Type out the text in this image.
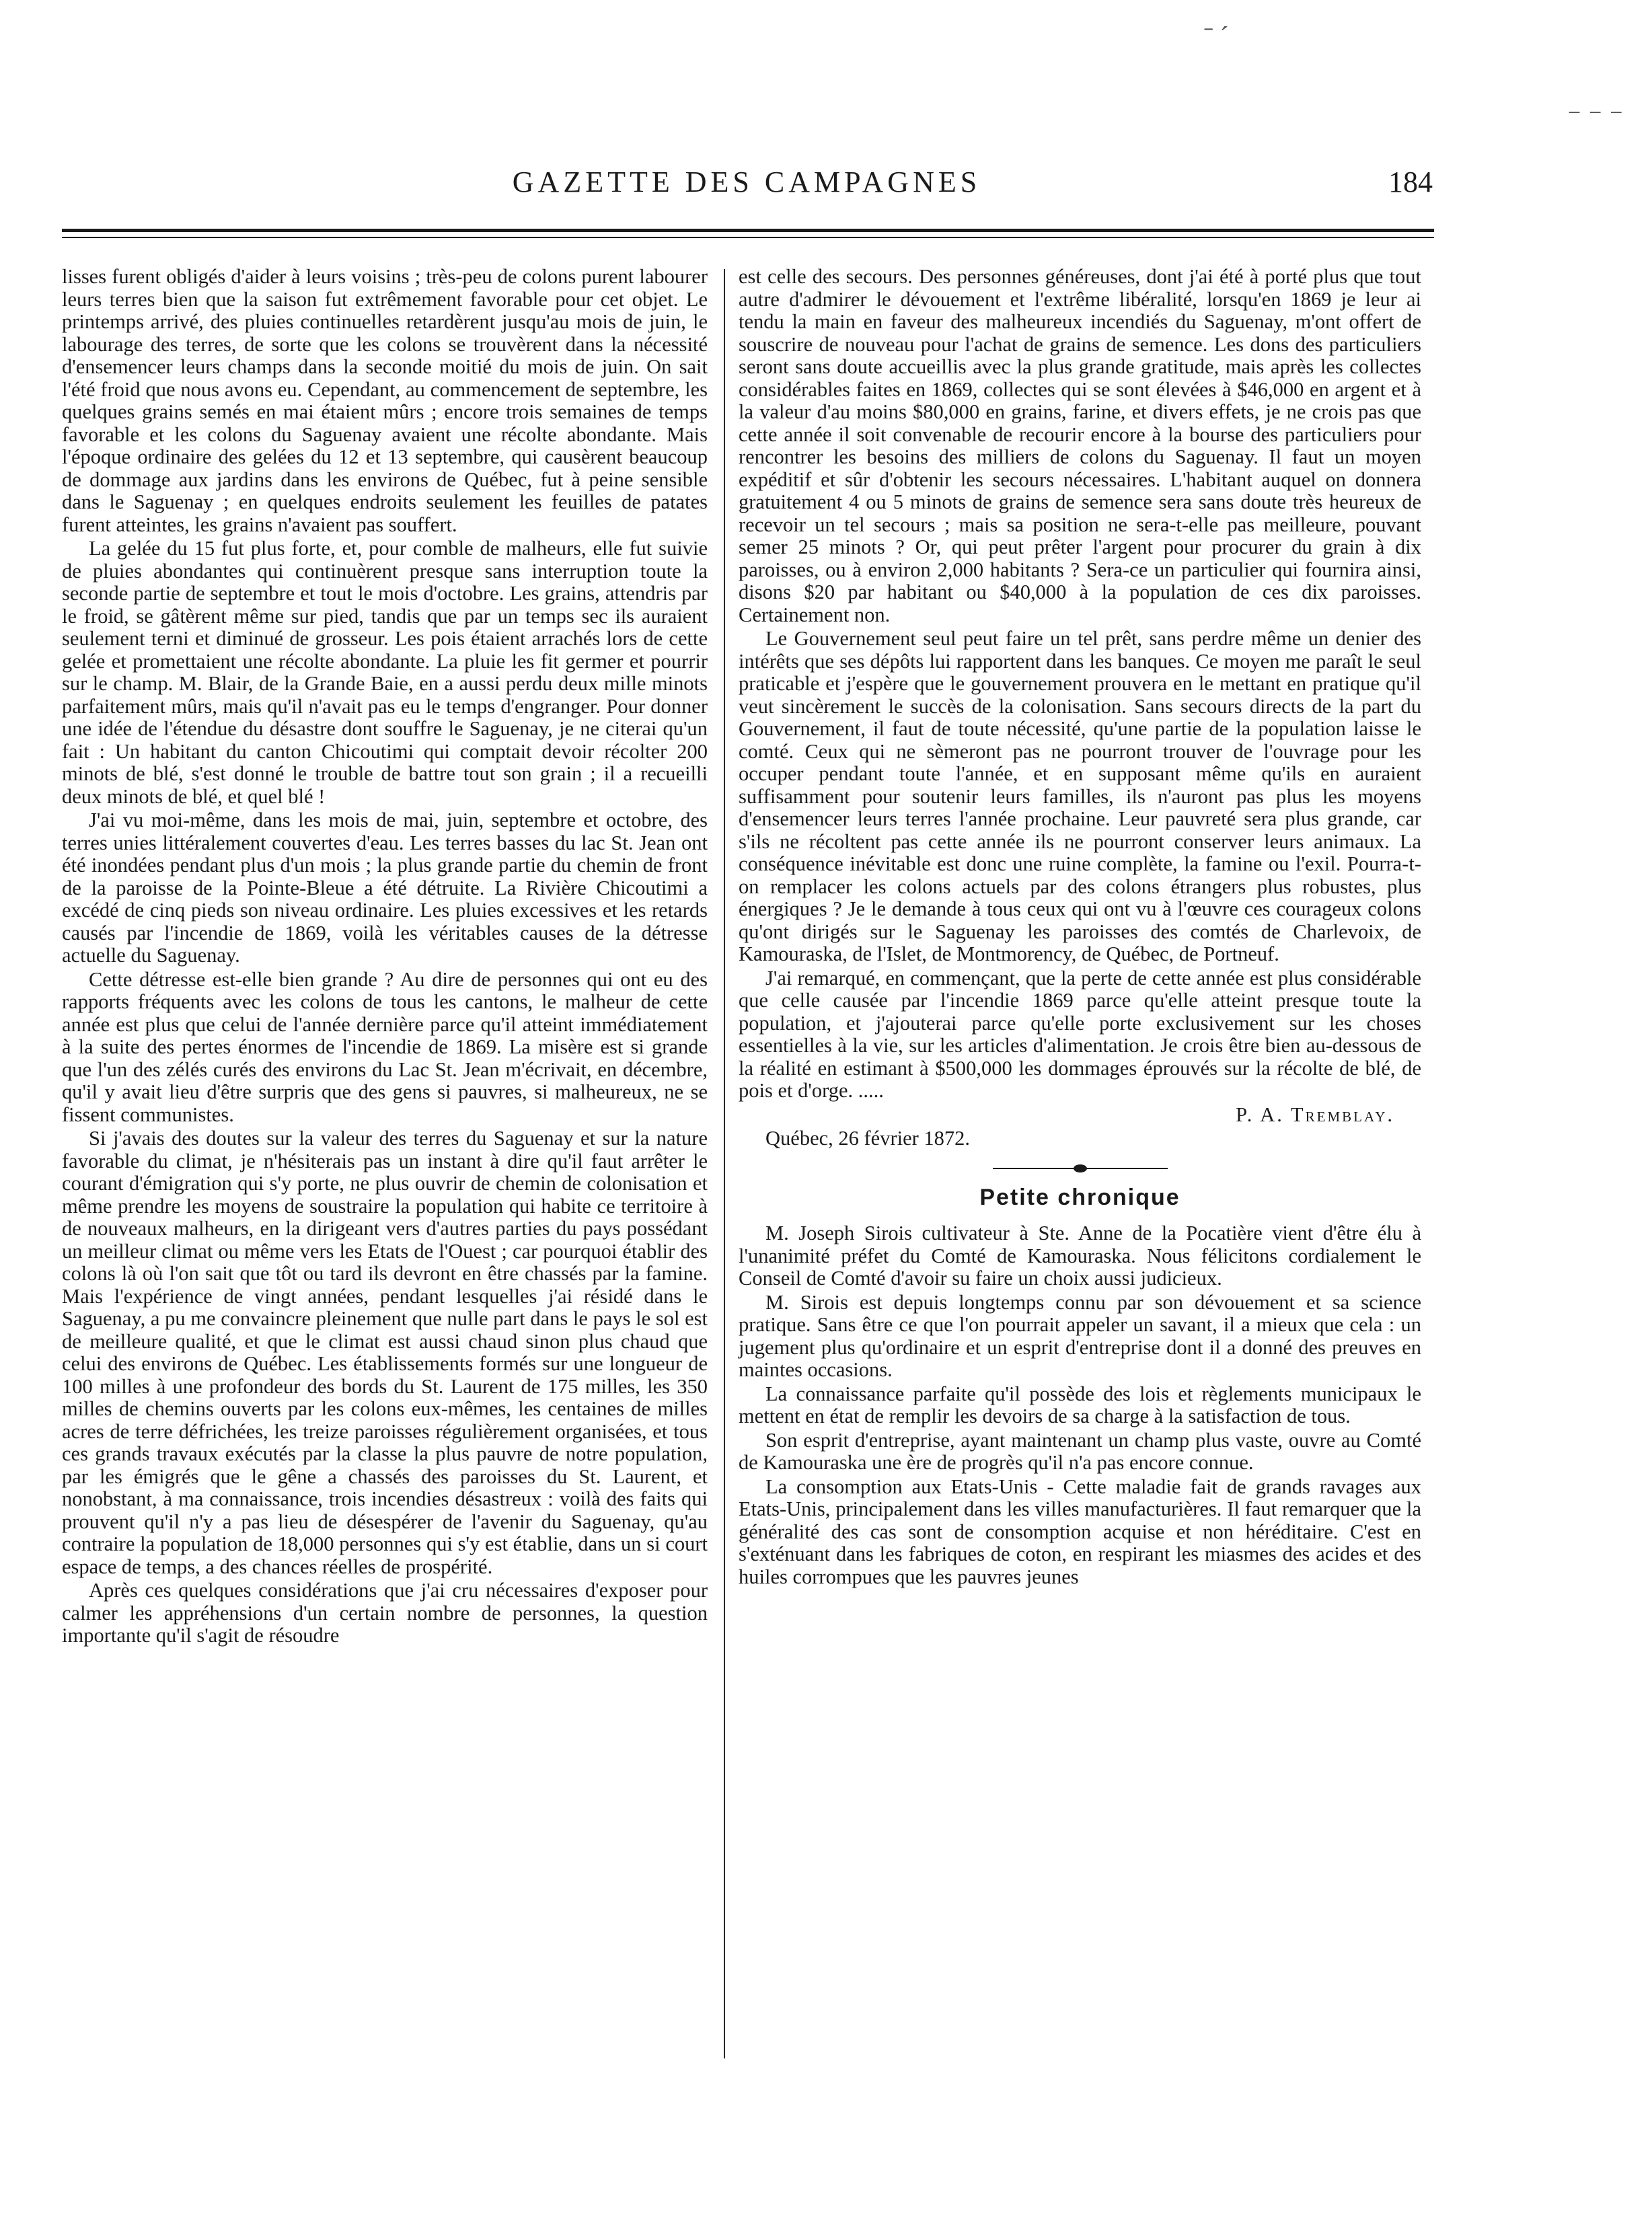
ˉ ˊ
⁻ ⁻ ⁻
GAZETTE DES CAMPAGNES	184

lisses furent obligés d'aider à leurs voisins ; très-peu de colons purent labourer leurs terres bien que la saison fut extrêmement favorable pour cet objet. Le printemps arrivé, des pluies continuelles retardèrent jusqu'au mois de juin, le labourage des terres, de sorte que les colons se trouvèrent dans la nécessité d'ensemencer leurs champs dans la seconde moitié du mois de juin. On sait l'été froid que nous avons eu. Cependant, au commencement de septembre, les quelques grains semés en mai étaient mûrs ; encore trois semaines de temps favorable et les colons du Saguenay avaient une récolte abondante. Mais l'époque ordinaire des gelées du 12 et 13 septembre, qui causèrent beaucoup de dommage aux jardins dans les environs de Québec, fut à peine sensible dans le Saguenay ; en quelques endroits seulement les feuilles de patates furent atteintes, les grains n'avaient pas souffert.

La gelée du 15 fut plus forte, et, pour comble de malheurs, elle fut suivie de pluies abondantes qui continuèrent presque sans interruption toute la seconde partie de septembre et tout le mois d'octobre. Les grains, attendris par le froid, se gâtèrent même sur pied, tandis que par un temps sec ils auraient seulement terni et diminué de grosseur. Les pois étaient arrachés lors de cette gelée et promettaient une récolte abondante. La pluie les fit germer et pourrir sur le champ. M. Blair, de la Grande Baie, en a aussi perdu deux mille minots parfaitement mûrs, mais qu'il n'avait pas eu le temps d'engranger. Pour donner une idée de l'étendue du désastre dont souffre le Saguenay, je ne citerai qu'un fait : Un habitant du canton Chicoutimi qui comptait devoir récolter 200 minots de blé, s'est donné le trouble de battre tout son grain ; il a recueilli deux minots de blé, et quel blé !

J'ai vu moi-même, dans les mois de mai, juin, septembre et octobre, des terres unies littéralement couvertes d'eau. Les terres basses du lac St. Jean ont été inondées pendant plus d'un mois ; la plus grande partie du chemin de front de la paroisse de la Pointe-Bleue a été détruite. La Rivière Chicoutimi a excédé de cinq pieds son niveau ordinaire. Les pluies excessives et les retards causés par l'incendie de 1869, voilà les véritables causes de la détresse actuelle du Saguenay.

Cette détresse est-elle bien grande ? Au dire de personnes qui ont eu des rapports fréquents avec les colons de tous les cantons, le malheur de cette année est plus que celui de l'année dernière parce qu'il atteint immédiatement à la suite des pertes énormes de l'incendie de 1869. La misère est si grande que l'un des zélés curés des environs du Lac St. Jean m'écrivait, en décembre, qu'il y avait lieu d'être surpris que des gens si pauvres, si malheureux, ne se fissent communistes.

Si j'avais des doutes sur la valeur des terres du Saguenay et sur la nature favorable du climat, je n'hésiterais pas un instant à dire qu'il faut arrêter le courant d'émigration qui s'y porte, ne plus ouvrir de chemin de colonisation et même prendre les moyens de soustraire la population qui habite ce territoire à de nouveaux malheurs, en la dirigeant vers d'autres parties du pays possédant un meilleur climat ou même vers les Etats de l'Ouest ; car pourquoi établir des colons là où l'on sait que tôt ou tard ils devront en être chassés par la famine. Mais l'expérience de vingt années, pendant lesquelles j'ai résidé dans le Saguenay, a pu me convaincre pleinement que nulle part dans le pays le sol est de meilleure qualité, et que le climat est aussi chaud sinon plus chaud que celui des environs de Québec. Les établissements formés sur une longueur de 100 milles à une profondeur des bords du St. Laurent de 175 milles, les 350 milles de chemins ouverts par les colons eux-mêmes, les centaines de milles acres de terre défrichées, les treize paroisses régulièrement organisées, et tous ces grands travaux exécutés par la classe la plus pauvre de notre population, par les émigrés que le gêne a chassés des paroisses du St. Laurent, et nonobstant, à ma connaissance, trois incendies désastreux : voilà des faits qui prouvent qu'il n'y a pas lieu de désespérer de l'avenir du Saguenay, qu'au contraire la population de 18,000 personnes qui s'y est établie, dans un si court espace de temps, a des chances réelles de prospérité.

Après ces quelques considérations que j'ai cru nécessaires d'exposer pour calmer les appréhensions d'un certain nombre de personnes, la question importante qu'il s'agit de résoudre

est celle des secours. Des personnes généreuses, dont j'ai été à porté plus que tout autre d'admirer le dévouement et l'extrême libéralité, lorsqu'en 1869 je leur ai tendu la main en faveur des malheureux incendiés du Saguenay, m'ont offert de souscrire de nouveau pour l'achat de grains de semence. Les dons des particuliers seront sans doute accueillis avec la plus grande gratitude, mais après les collectes considérables faites en 1869, collectes qui se sont élevées à $46,000 en argent et à la valeur d'au moins $80,000 en grains, farine, et divers effets, je ne crois pas que cette année il soit convenable de recourir encore à la bourse des particuliers pour rencontrer les besoins des milliers de colons du Saguenay. Il faut un moyen expéditif et sûr d'obtenir les secours nécessaires. L'habitant auquel on donnera gratuitement 4 ou 5 minots de grains de semence sera sans doute très heureux de recevoir un tel secours ; mais sa position ne sera-t-elle pas meilleure, pouvant semer 25 minots ? Or, qui peut prêter l'argent pour procurer du grain à dix paroisses, ou à environ 2,000 habitants ? Sera-ce un particulier qui fournira ainsi, disons $20 par habitant ou $40,000 à la population de ces dix paroisses. Certainement non.

Le Gouvernement seul peut faire un tel prêt, sans perdre même un denier des intérêts que ses dépôts lui rapportent dans les banques. Ce moyen me paraît le seul praticable et j'espère que le gouvernement prouvera en le mettant en pratique qu'il veut sincèrement le succès de la colonisation. Sans secours directs de la part du Gouvernement, il faut de toute nécessité, qu'une partie de la population laisse le comté. Ceux qui ne sèmeront pas ne pourront trouver de l'ouvrage pour les occuper pendant toute l'année, et en supposant même qu'ils en auraient suffisamment pour soutenir leurs familles, ils n'auront pas plus les moyens d'ensemencer leurs terres l'année prochaine. Leur pauvreté sera plus grande, car s'ils ne récoltent pas cette année ils ne pourront conserver leurs animaux. La conséquence inévitable est donc une ruine complète, la famine ou l'exil. Pourra-t-on remplacer les colons actuels par des colons étrangers plus robustes, plus énergiques ? Je le demande à tous ceux qui ont vu à l'œuvre ces courageux colons qu'ont dirigés sur le Saguenay les paroisses des comtés de Charlevoix, de Kamouraska, de l'Islet, de Montmorency, de Québec, de Portneuf.

J'ai remarqué, en commençant, que la perte de cette année est plus considérable que celle causée par l'incendie 1869 parce qu'elle atteint presque toute la population, et j'ajouterai parce qu'elle porte exclusivement sur les choses essentielles à la vie, sur les articles d'alimentation. Je crois être bien au-dessous de la réalité en estimant à $500,000 les dommages éprouvés sur la récolte de blé, de pois et d'orge. .....

P. A. Tremblay.

Québec, 26 février 1872.

Petite chronique

M. Joseph Sirois cultivateur à Ste. Anne de la Pocatière vient d'être élu à l'unanimité préfet du Comté de Kamouraska. Nous félicitons cordialement le Conseil de Comté d'avoir su faire un choix aussi judicieux.

M. Sirois est depuis longtemps connu par son dévouement et sa science pratique. Sans être ce que l'on pourrait appeler un savant, il a mieux que cela : un jugement plus qu'ordinaire et un esprit d'entreprise dont il a donné des preuves en maintes occasions.

La connaissance parfaite qu'il possède des lois et règlements municipaux le mettent en état de remplir les devoirs de sa charge à la satisfaction de tous.

Son esprit d'entreprise, ayant maintenant un champ plus vaste, ouvre au Comté de Kamouraska une ère de progrès qu'il n'a pas encore connue.

La consomption aux Etats-Unis - Cette maladie fait de grands ravages aux Etats-Unis, principalement dans les villes manufacturières. Il faut remarquer que la généralité des cas sont de consomption acquise et non héréditaire. C'est en s'exténuant dans les fabriques de coton, en respirant les miasmes des acides et des huiles corrompues que les pauvres jeunes
